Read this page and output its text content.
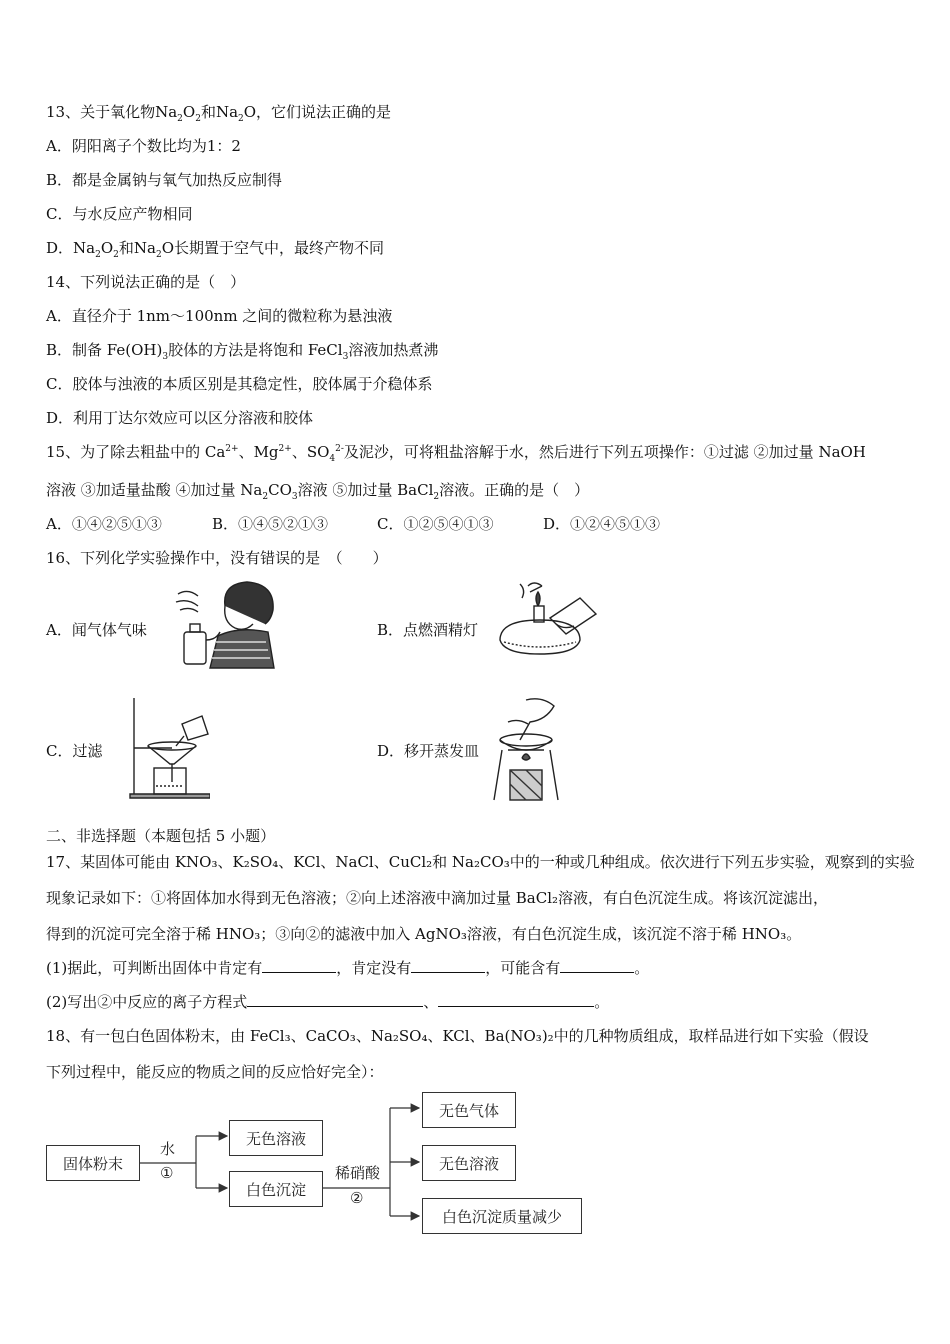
13、关于氧化物$Na_2O_2$和$Na_2O$，它们说法正确的是
A．阴阳离子个数比均为1：2
B．都是金属钠与氧气加热反应制得
C．与水反应产物相同
D．$Na_2O_2$和$Na_2O$长期置于空气中，最终产物不同
14、下列说法正确的是（　）
A．直径介于 1nm～100nm 之间的微粒称为悬浊液
B．制备 $Fe(OH)_3$胶体的方法是将饱和 FeCl$_3$溶液加热煮沸
C．胶体与浊液的本质区别是其稳定性，胶体属于介稳体系
D．利用丁达尔效应可以区分溶液和胶体
15、为了除去粗盐中的 $Ca^{2+}$、$Mg^{2+}$、$SO_4^{2-}$及泥沙，可将粗盐溶解于水，然后进行下列五项操作：①过滤 ②加过量 NaOH
溶液 ③加适量盐酸 ④加过量 $Na_2CO_3$溶液 ⑤加过量 BaCl$_2$溶液。正确的是（　）
A．①④②⑤①③	B．①④⑤②①③	C．①②⑤④①③	D．①②④⑤①③
16、下列化学实验操作中，没有错误的是　（　　）
A．闻气体气味	B．点燃酒精灯
C．过滤	D．移开蒸发皿
二、非选择题（本题包括 5 小题）
17、某固体可能由 KNO₃、K₂SO₄、KCl、NaCl、CuCl₂和 Na₂CO₃中的一种或几种组成。依次进行下列五步实验，观察到的实验
现象记录如下：①将固体加水得到无色溶液；②向上述溶液中滴加过量 BaCl₂溶液，有白色沉淀生成。将该沉淀滤出，
得到的沉淀可完全溶于稀 HNO₃；③向②的滤液中加入 AgNO₃溶液，有白色沉淀生成，该沉淀不溶于稀 HNO₃。
(1)据此，可判断出固体中肯定有	，肯定没有	，可能含有	。
(2)写出②中反应的离子方程式	、	。
18、有一包白色固体粉末，由 FeCl₃、CaCO₃、Na₂SO₄、KCl、Ba(NO₃)₂中的几种物质组成，取样品进行如下实验（假设
下列过程中，能反应的物质之间的反应恰好完全）：
固体粉末
水
①
无色溶液
白色沉淀
稀硝酸
②
无色气体
无色溶液
白色沉淀质量减少
